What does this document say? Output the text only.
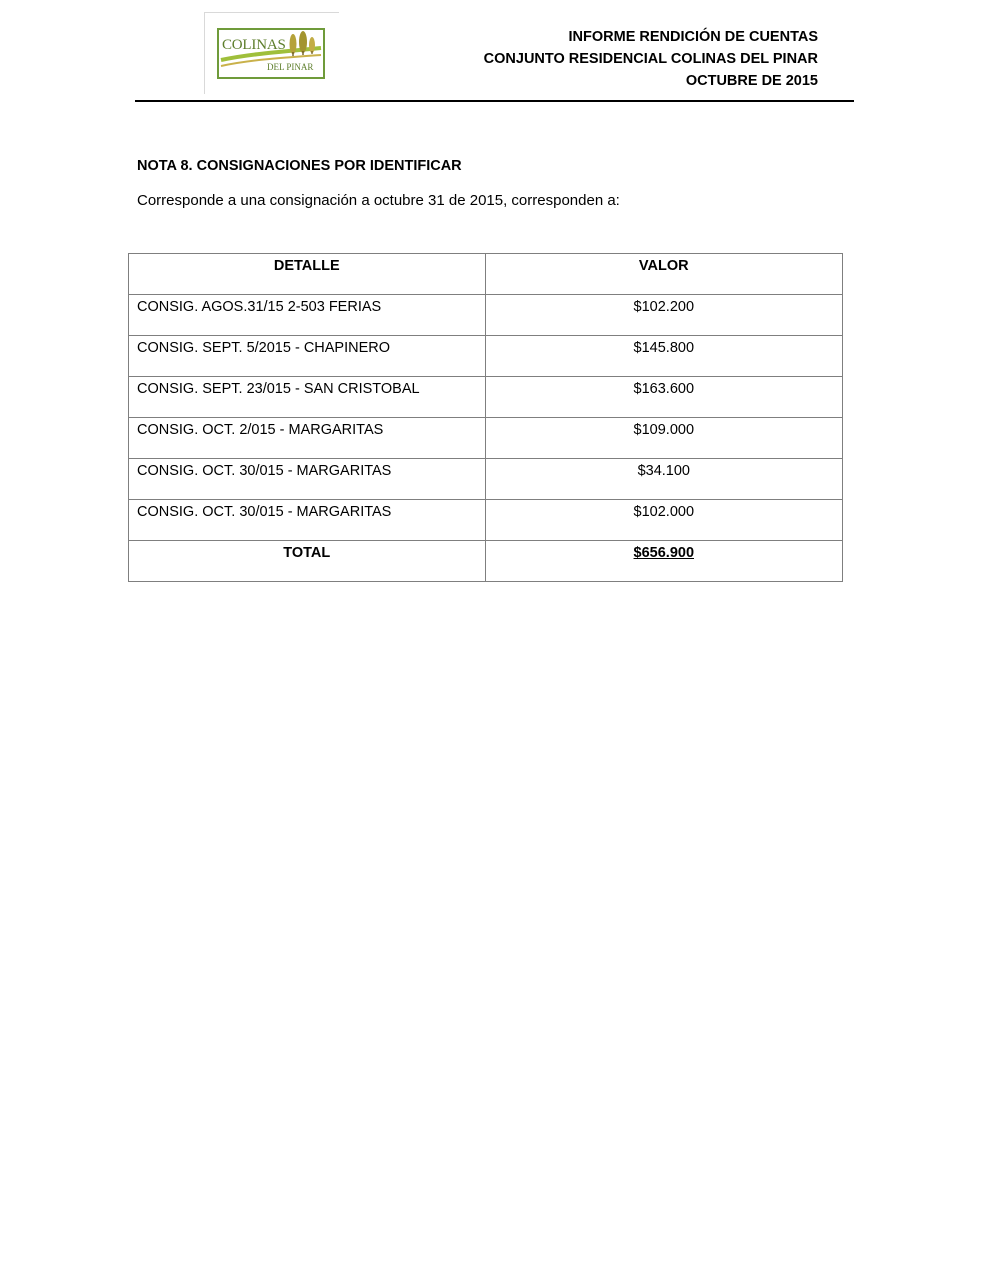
COLINAS
DEL PINAR
INFORME RENDICIÓN DE CUENTAS
CONJUNTO RESIDENCIAL COLINAS DEL PINAR
OCTUBRE DE 2015
NOTA 8. CONSIGNACIONES POR IDENTIFICAR
Corresponde a una consignación a octubre 31 de 2015, corresponden a:
DETALLE	VALOR
CONSIG. AGOS.31/15 2-503 FERIAS	$102.200
CONSIG. SEPT. 5/2015 - CHAPINERO	$145.800
CONSIG. SEPT. 23/015 - SAN CRISTOBAL	$163.600
CONSIG. OCT. 2/015 - MARGARITAS	$109.000
CONSIG. OCT. 30/015 - MARGARITAS	$34.100
CONSIG. OCT. 30/015 - MARGARITAS	$102.000
TOTAL	$656.900
